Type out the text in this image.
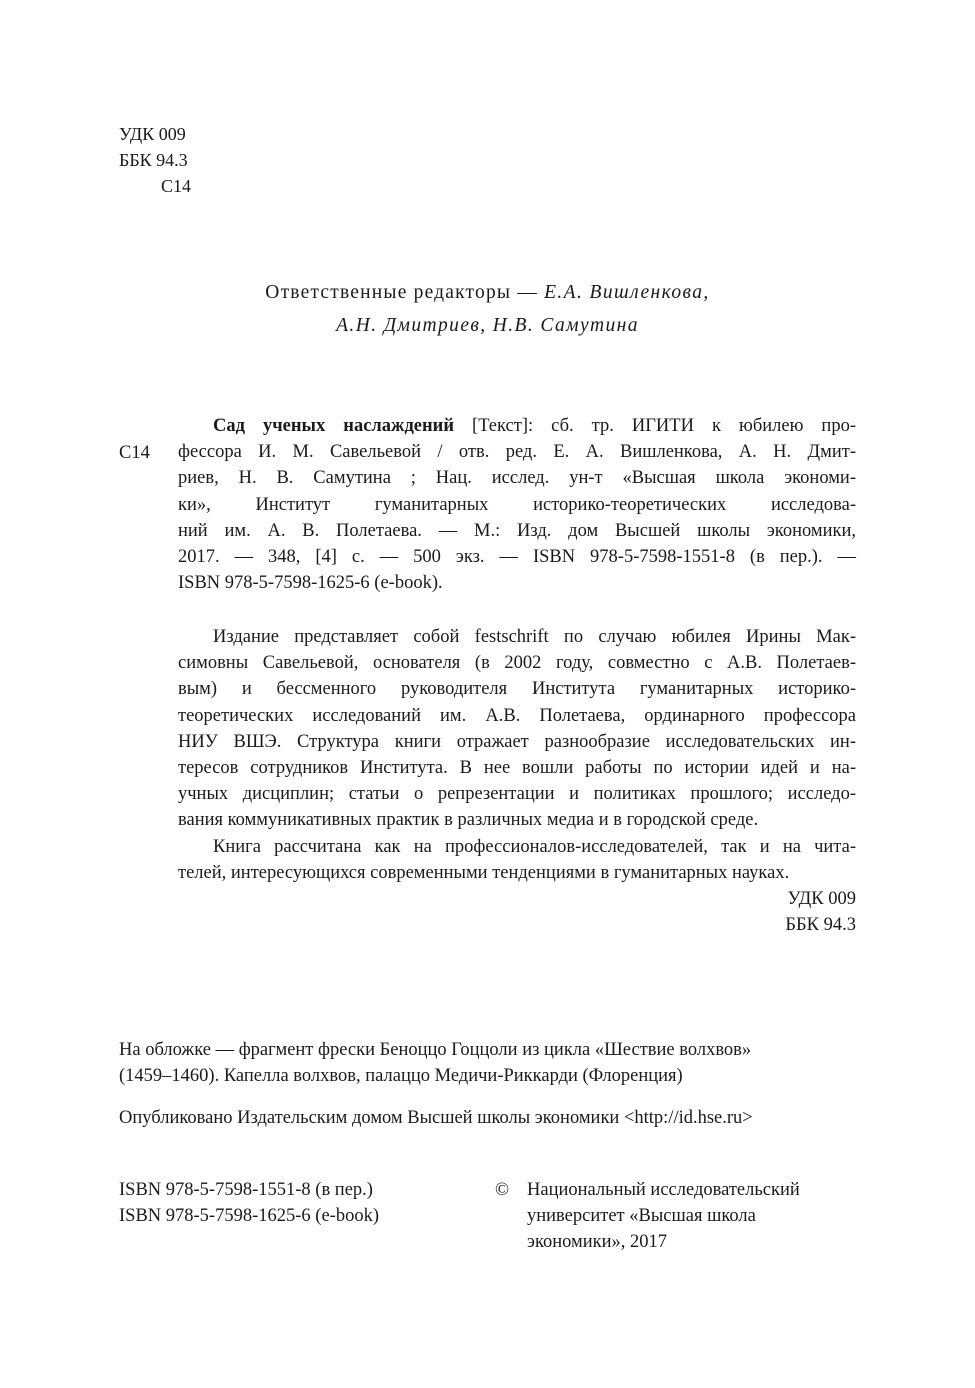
УДК 009
ББК 94.3
С14
Ответственные редакторы — Е.А. Вишленкова,
А.Н. Дмитриев, Н.В. Самутина
С14
Сад ученых наслаждений [Текст]: сб. тр. ИГИТИ к юбилею про-
фессора И. М. Савельевой / отв. ред. Е. А. Вишленкова, А. Н. Дмит-
риев, Н. В. Самутина ; Нац. исслед. ун-т «Высшая школа экономи-
ки», Институт гуманитарных историко-теоретических исследова-
ний им. А. В. Полетаева. — М.: Изд. дом Высшей школы экономики,
2017. — 348, [4] с. — 500 экз. — ISBN 978-5-7598-1551-8 (в пер.). —
ISBN 978-5-7598-1625-6 (e-book).
Издание представляет собой festschrift по случаю юбилея Ирины Мак-
симовны Савельевой, основателя (в 2002 году, совместно с А.В. Полетаев-
вым) и бессменного руководителя Института гуманитарных историко-
теоретических исследований им. А.В. Полетаева, ординарного профессора
НИУ ВШЭ. Структура книги отражает разнообразие исследовательских ин-
тересов сотрудников Института. В нее вошли работы по истории идей и на-
учных дисциплин; статьи о репрезентации и политиках прошлого; исследо-
вания коммуникативных практик в различных медиа и в городской среде.
Книга рассчитана как на профессионалов-исследователей, так и на чита-
телей, интересующихся современными тенденциями в гуманитарных науках.
УДК 009
ББК 94.3
На обложке — фрагмент фрески Беноццо Гоццоли из цикла «Шествие волхвов»
(1459–1460). Капелла волхвов, палаццо Медичи-Риккарди (Флоренция)
Опубликовано Издательским домом Высшей школы экономики <http://id.hse.ru>
ISBN 978-5-7598-1551-8 (в пер.)
ISBN 978-5-7598-1625-6 (e-book)
© Национальный исследовательский
университет «Высшая школа
экономики», 2017
